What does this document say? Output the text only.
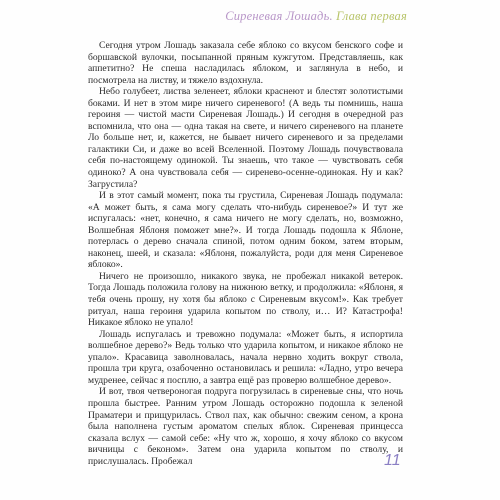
Сиреневая Лошадь. Глава первая

Сегодня утром Лошадь заказала себе яблоко со вкусом бенского софе и боршавской вулочки, посыпанной пряным кужгутом. Представляешь, как аппетитно? Не спеша насладилась яблоком, и заглянула в небо, и посмотрела на листву, и тяжело вздохнула.

Небо голубеет, листва зеленеет, яблоки краснеют и блестят золотистыми боками. И нет в этом мире ничего сиреневого! (А ведь ты помнишь, наша героиня — чистой масти Сиреневая Лошадь.) И сегодня в очередной раз вспомнила, что она — одна такая на свете, и ничего сиреневого на планете Ло больше нет, и, кажется, не бывает ничего сиреневого и за пределами галактики Си, и даже во всей Вселенной. Поэтому Лошадь почувствовала себя по-настоящему одинокой. Ты знаешь, что такое — чувствовать себя одиноко? А она чувствовала себя — сиренево-осенне-одинокая. Ну и как? Загрустила?

И в этот самый момент, пока ты грустила, Сиреневая Лошадь подумала: «А может быть, я сама могу сделать что-нибудь сиреневое?» И тут же испугалась: «нет, конечно, я сама ничего не могу сделать, но, возможно, Волшебная Яблоня поможет мне?». И тогда Лошадь подошла к Яблоне, потерлась о дерево сначала спиной, потом одним боком, затем вторым, наконец, шеей, и сказала: «Яблоня, пожалуйста, роди для меня Сиреневое яблоко».

Ничего не произошло, никакого звука, не пробежал никакой ветерок. Тогда Лошадь положила голову на нижнюю ветку, и продолжила: «Яблоня, я тебя очень прошу, ну хотя бы яблоко с Сиреневым вкусом!». Как требует ритуал, наша героиня ударила копытом по стволу, и… И? Катастрофа! Никакое яблоко не упало!

Лошадь испугалась и тревожно подумала: «Может быть, я испортила волшебное дерево?» Ведь только что ударила копытом, и никакое яблоко не упало». Красавица заволновалась, начала нервно ходить вокруг ствола, прошла три круга, озабоченно остановилась и решила: «Ладно, утро вечера мудренее, сейчас я посплю, а завтра ещё раз проверю волшебное дерево».

И вот, твоя четвероногая подруга погрузилась в сиреневые сны, что ночь прошла быстрее. Ранним утром Лошадь осторожно подошла к зеленой Праматери и прищурилась. Ствол пах, как обычно: свежим сеном, а крона была наполнена густым ароматом спелых яблок. Сиреневая принцесса сказала вслух — самой себе: «Ну что ж, хорошо, я хочу яблоко со вкусом вичницы с беконом». Затем она ударила копытом по стволу, и прислушалась. Пробежал	11
